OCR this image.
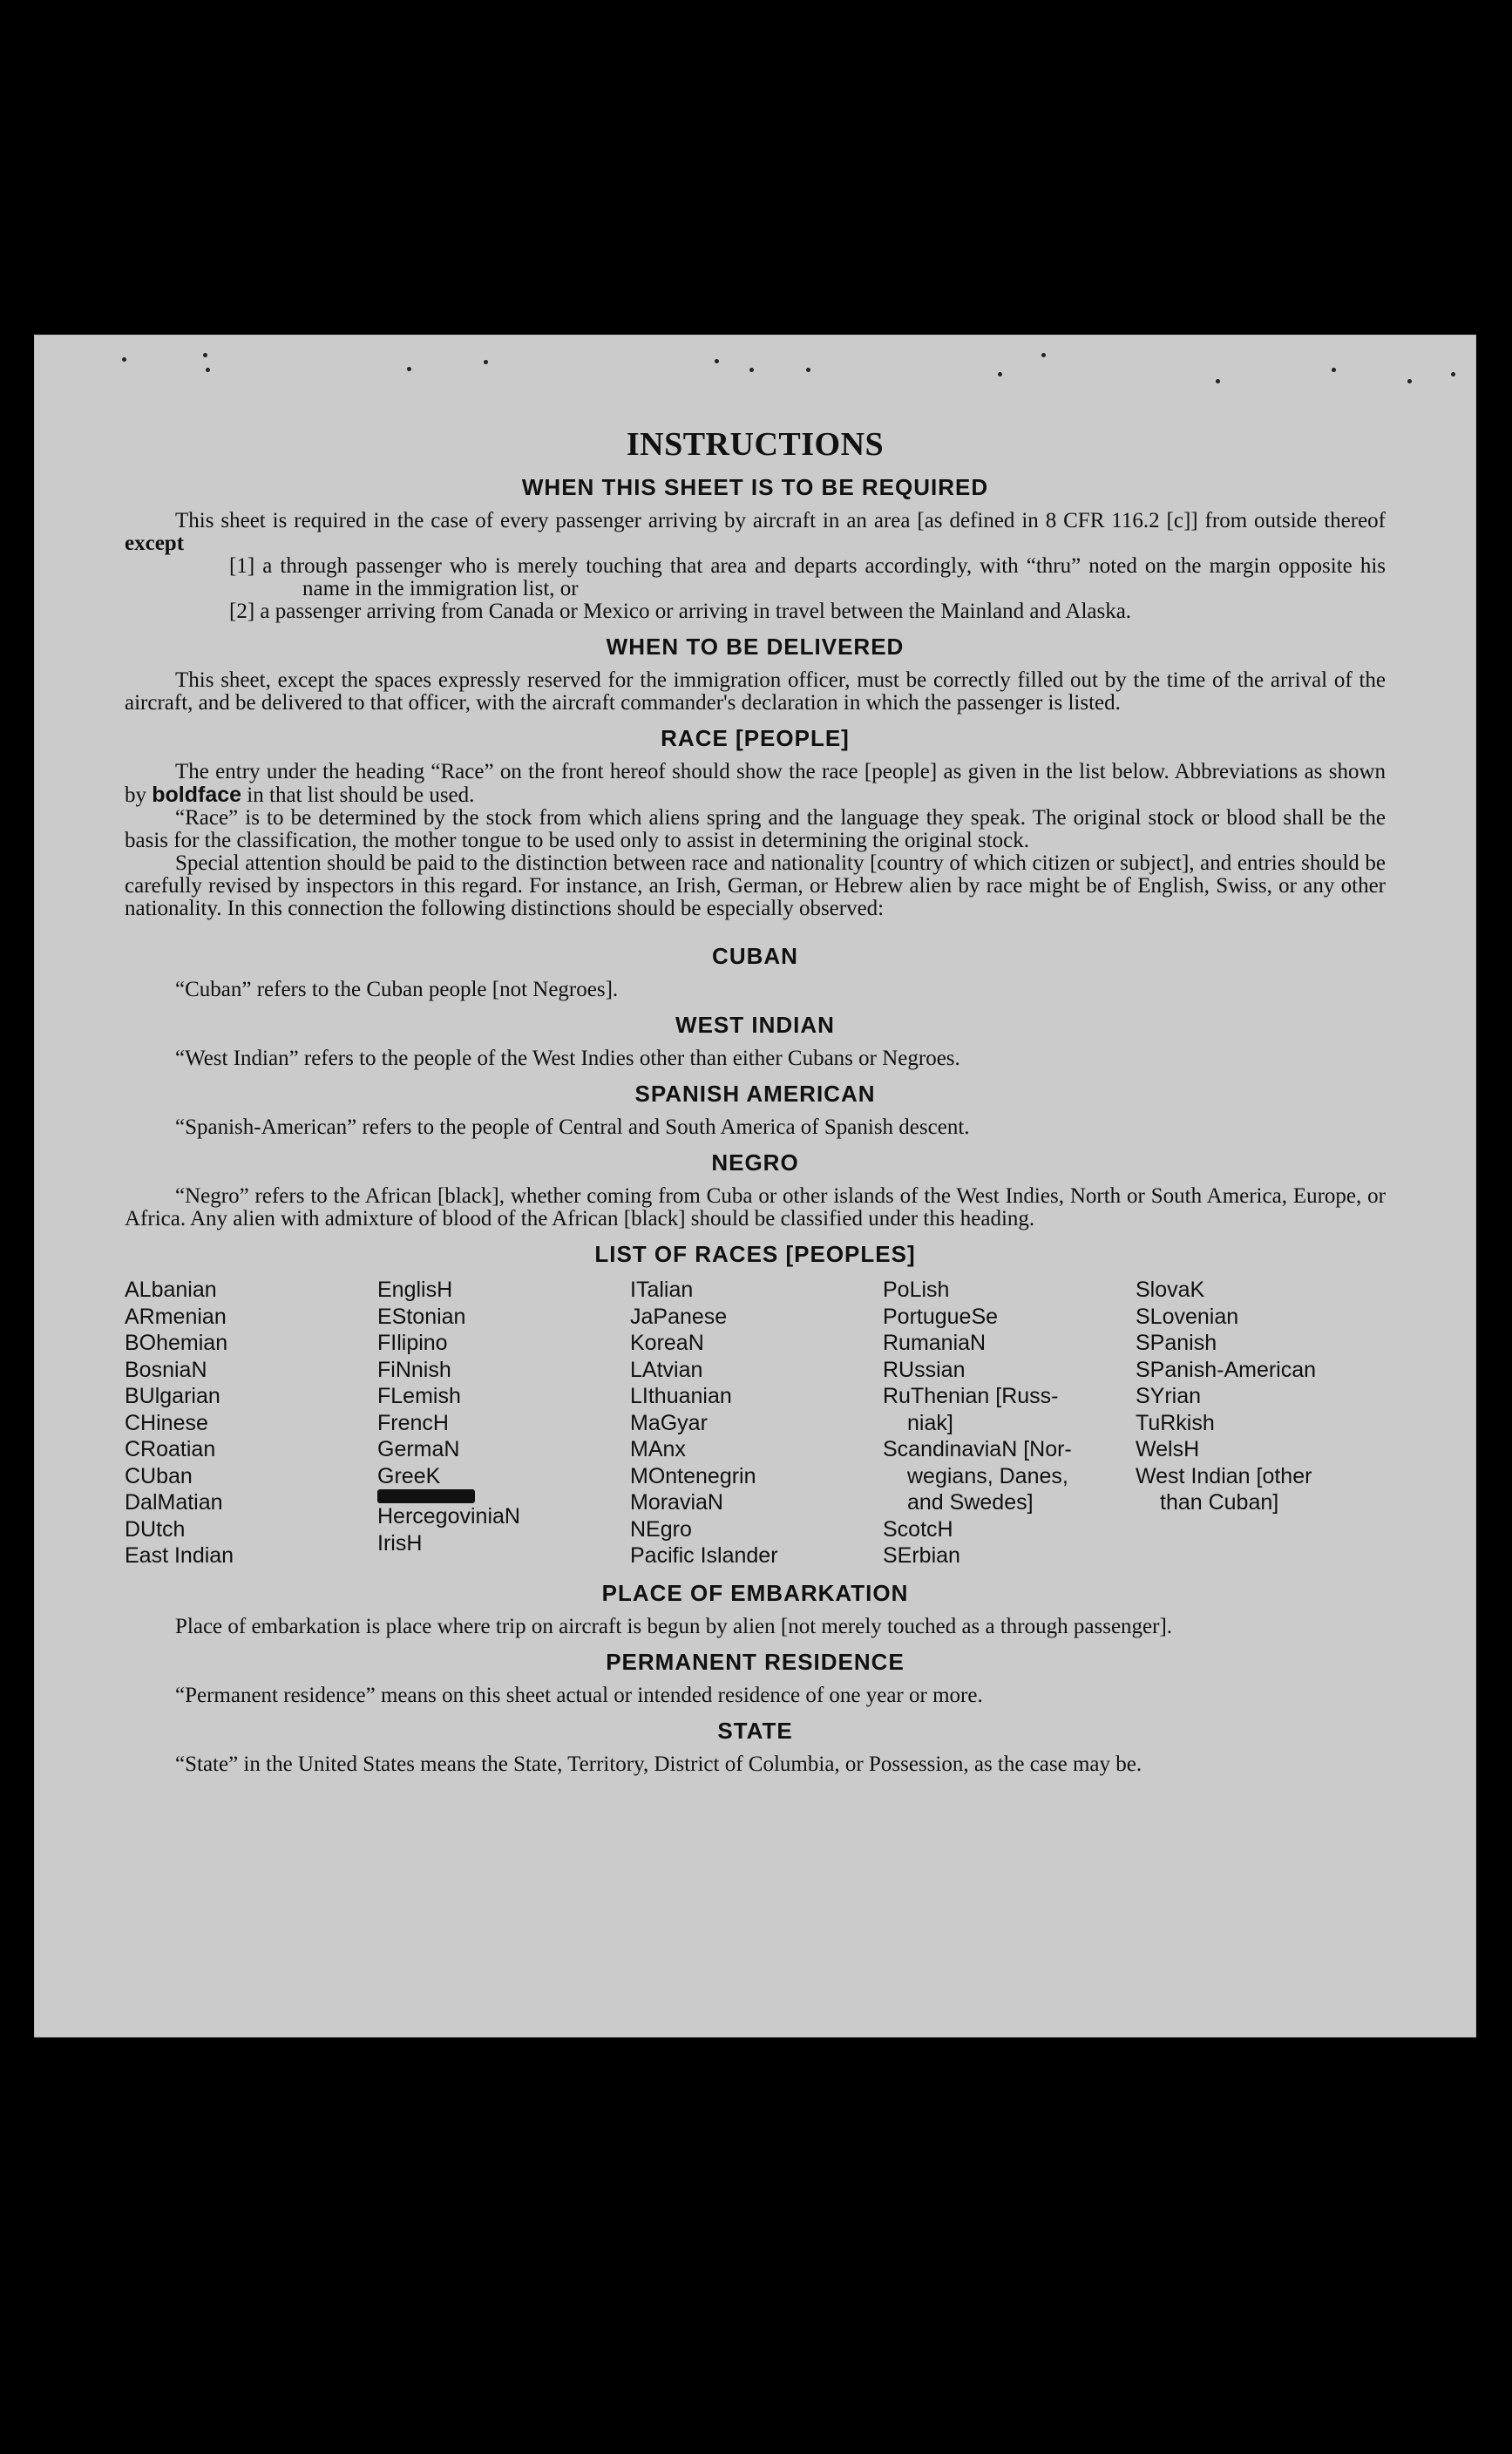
INSTRUCTIONS
WHEN THIS SHEET IS TO BE REQUIRED

This sheet is required in the case of every passenger arriving by aircraft in an area [as defined in 8 CFR 116.2 [c]] from outside thereof except

[1] a through passenger who is merely touching that area and departs accordingly, with “thru” noted on the margin opposite his name in the immigration list, or
[2] a passenger arriving from Canada or Mexico or arriving in travel between the Mainland and Alaska.
WHEN TO BE DELIVERED

This sheet, except the spaces expressly reserved for the immigration officer, must be correctly filled out by the time of the arrival of the aircraft, and be delivered to that officer, with the aircraft commander's declaration in which the passenger is listed.

RACE [PEOPLE]

The entry under the heading “Race” on the front hereof should show the race [people] as given in the list below. Abbreviations as shown by boldface in that list should be used.

“Race” is to be determined by the stock from which aliens spring and the language they speak. The original stock or blood shall be the basis for the classification, the mother tongue to be used only to assist in determining the original stock.

Special attention should be paid to the distinction between race and nationality [country of which citizen or subject], and entries should be carefully revised by inspectors in this regard. For instance, an Irish, German, or Hebrew alien by race might be of English, Swiss, or any other nationality. In this connection the following distinctions should be especially observed:

CUBAN

“Cuban” refers to the Cuban people [not Negroes].

WEST INDIAN

“West Indian” refers to the people of the West Indies other than either Cubans or Negroes.

SPANISH AMERICAN

“Spanish-American” refers to the people of Central and South America of Spanish descent.

NEGRO

“Negro” refers to the African [black], whether coming from Cuba or other islands of the West Indies, North or South America, Europe, or Africa. Any alien with admixture of blood of the African [black] should be classified under this heading.

LIST OF RACES [PEOPLES]
ALbanian
ARmenian
BOhemian
BosniaN
BUlgarian
CHinese
CRoatian
CUban
DalMatian
DUtch
East Indian
EnglisH
EStonian
FIlipino
FiNnish
FLemish
FrencH
GermaN
GreeK
HercegoviniaN
IrisH
ITalian
JaPanese
KoreaN
LAtvian
LIthuanian
MaGyar
MAnx
MOntenegrin
MoraviaN
NEgro
Pacific Islander
PoLish
PortugueSe
RumaniaN
RUssian
RuThenian [Russ-
niak]
ScandinaviaN [Nor-
wegians, Danes,
and Swedes]
ScotcH
SErbian
SlovaK
SLovenian
SPanish
SPanish-American
SYrian
TuRkish
WelsH
West Indian [other
than Cuban]
PLACE OF EMBARKATION

Place of embarkation is place where trip on aircraft is begun by alien [not merely touched as a through passenger].

PERMANENT RESIDENCE

“Permanent residence” means on this sheet actual or intended residence of one year or more.

STATE

“State” in the United States means the State, Territory, District of Columbia, or Possession, as the case may be.
